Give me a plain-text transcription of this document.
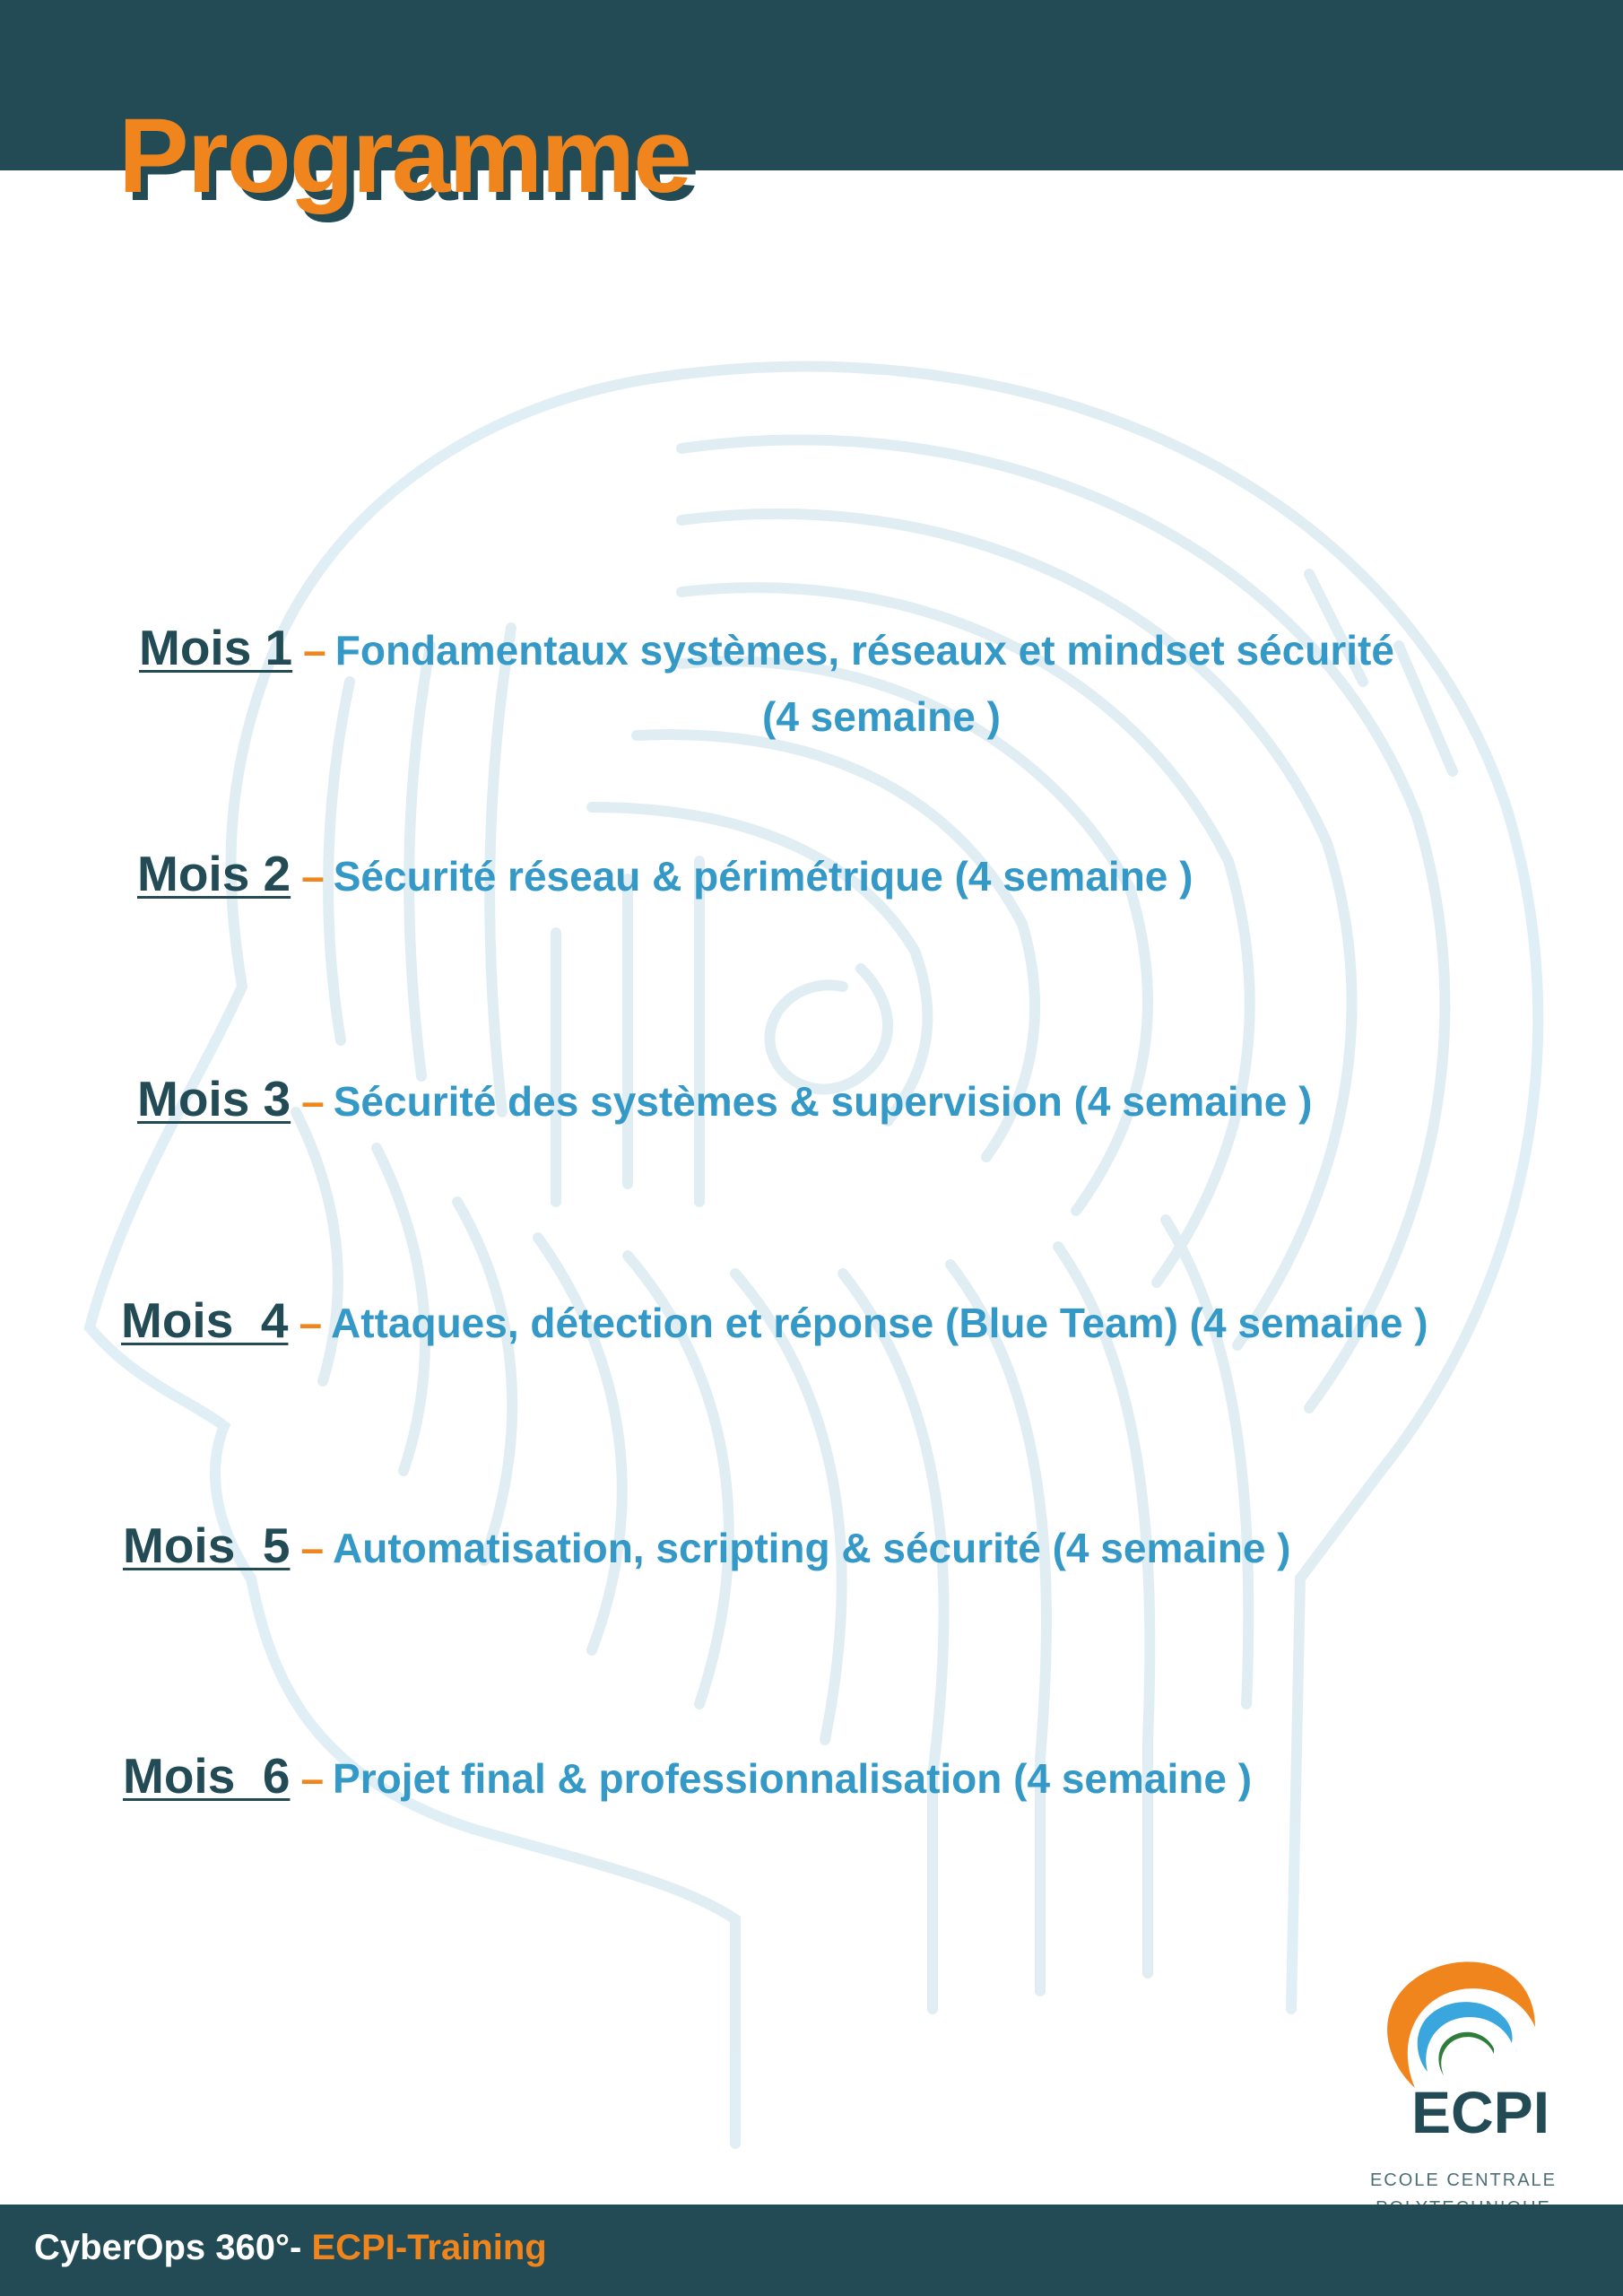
Programme
Mois 1 – Fondamentaux systèmes, réseaux et mindset sécurité
(4 semaine )
Mois 2 – Sécurité réseau & périmétrique (4 semaine )
Mois 3 – Sécurité des systèmes & supervision (4 semaine )
Mois  4 – Attaques, détection et réponse (Blue Team) (4 semaine )
Mois  5 – Automatisation, scripting & sécurité (4 semaine )
Mois  6 – Projet final & professionnalisation (4 semaine )
ECPI
ECOLE CENTRALE
CyberOps 360°- ECPI-Training
